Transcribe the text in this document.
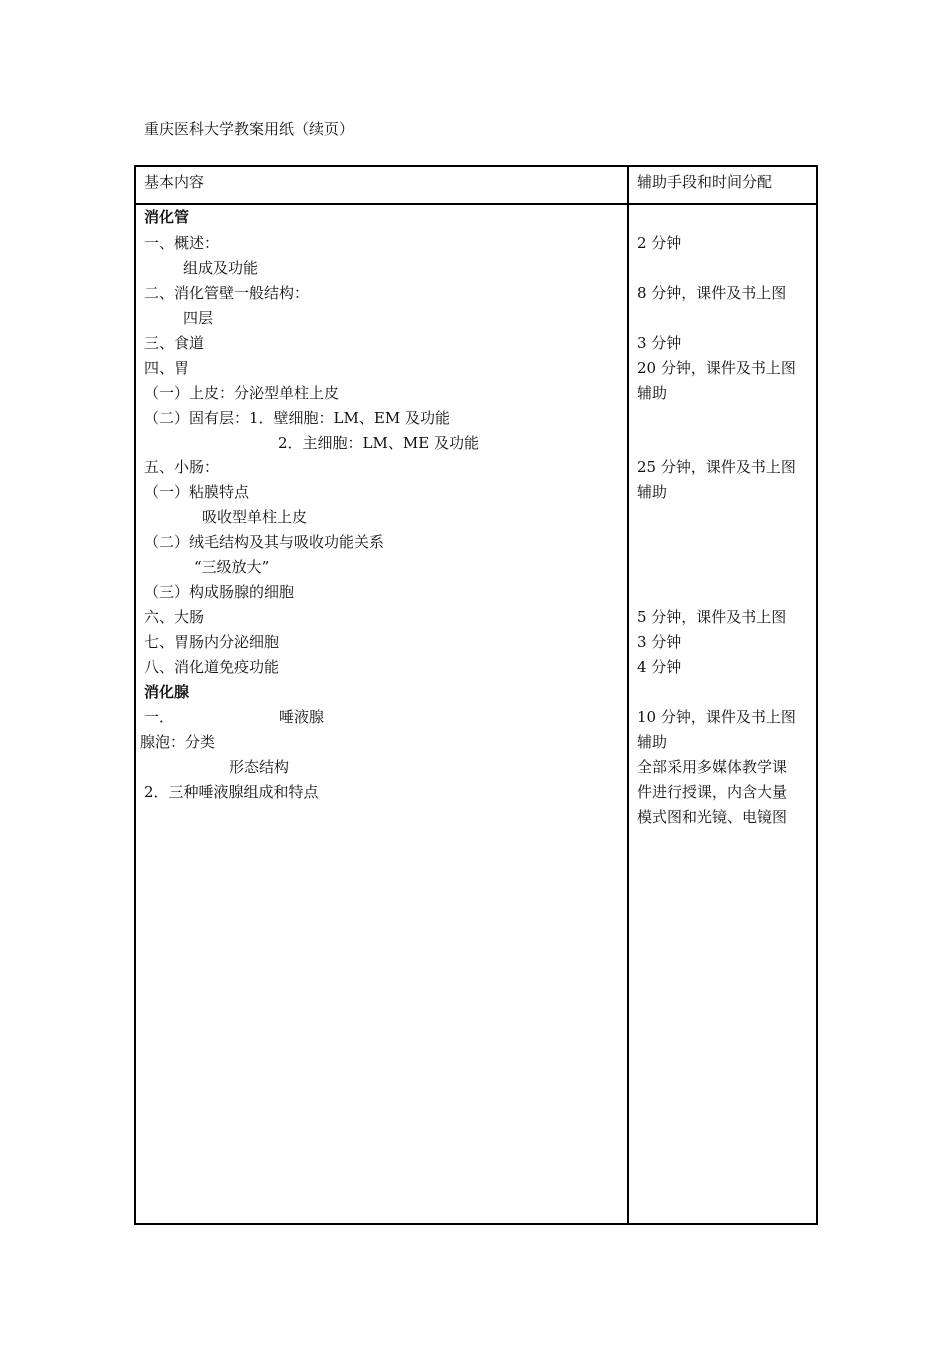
重庆医科大学教案用纸（续页）
基本内容	辅助手段和时间分配
消化管
一、概述：
组成及功能
二、消化管壁一般结构：
四层
三、食道
四、胃
（一）上皮：分泌型单柱上皮
（二）固有层：1．壁细胞：LM、EM 及功能
2．主细胞：LM、ME 及功能
五、小肠：
（一）粘膜特点
吸收型单柱上皮
（二）绒毛结构及其与吸收功能关系
“三级放大”
（三）构成肠腺的细胞
六、大肠
七、胃肠内分泌细胞
八、消化道免疫功能
消化腺
一．	唾液腺
腺泡：分类
形态结构
2．三种唾液腺组成和特点
2 分钟
8 分钟，课件及书上图
3 分钟
20 分钟，课件及书上图
辅助
25 分钟，课件及书上图
辅助
5 分钟，课件及书上图
3 分钟
4 分钟
10 分钟，课件及书上图
辅助
全部采用多媒体教学课
件进行授课，内含大量
模式图和光镜、电镜图
